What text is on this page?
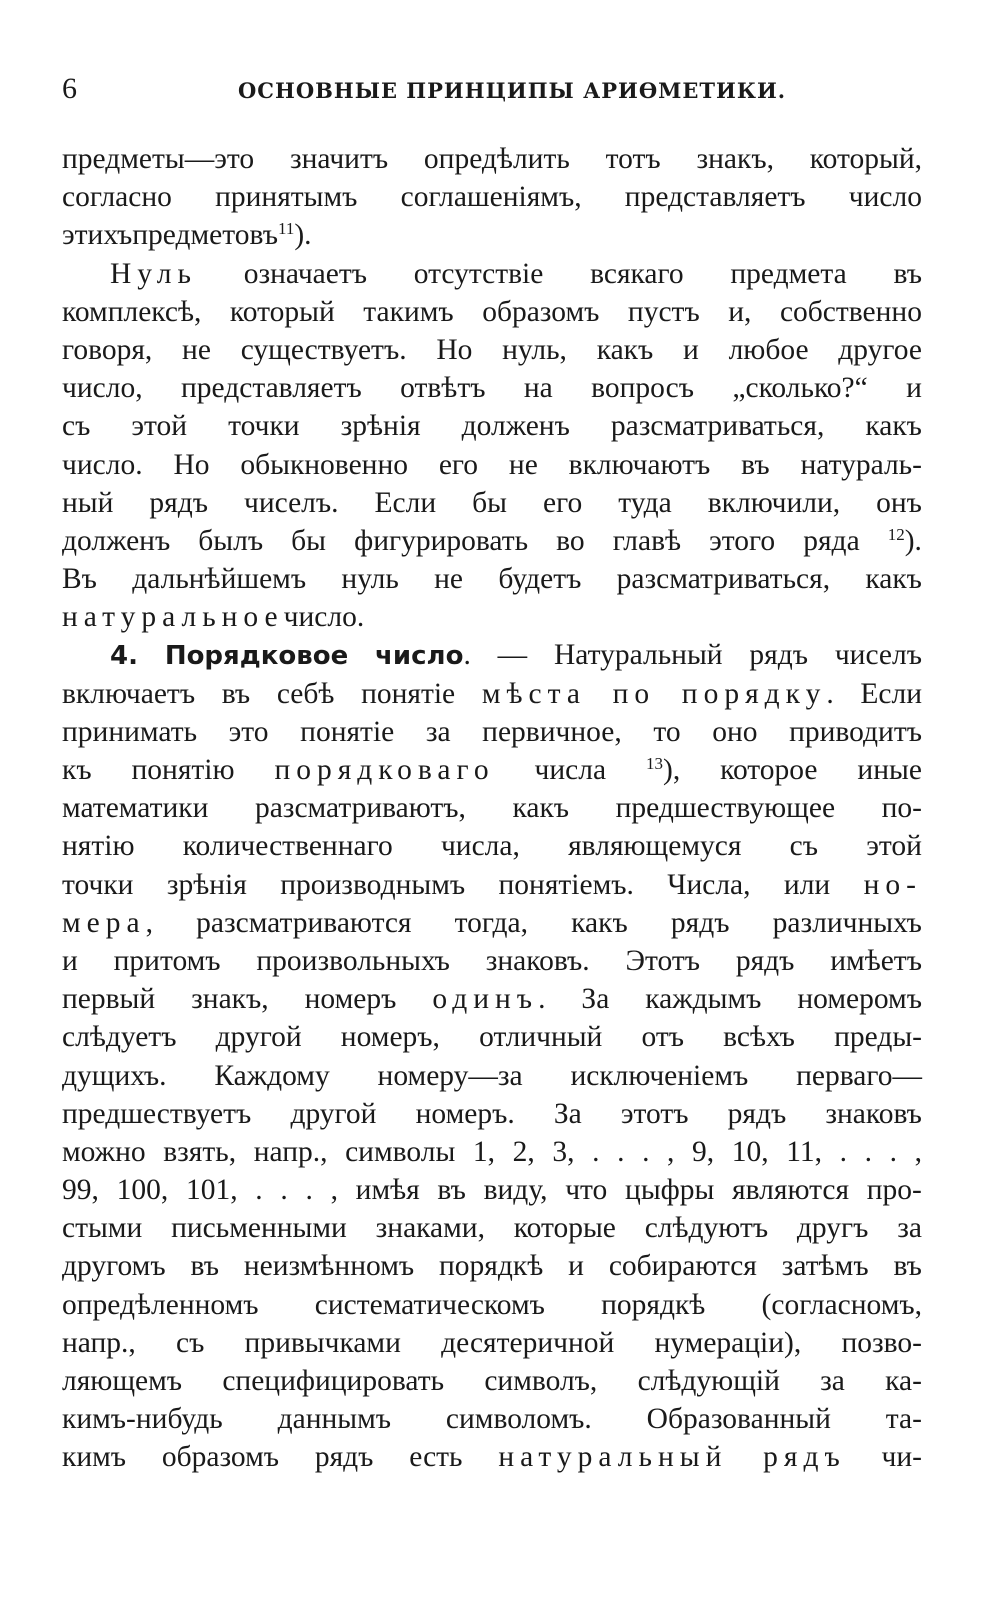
6	ОСНОВНЫЕ ПРИНЦИПЫ АРИѲМЕТИКИ.
предметы—это значитъ опредѣлить тотъ знакъ, который,
согласно принятымъ соглашеніямъ, представляетъ число
этихъ предметовъ $^{11}$).
Нуль означаетъ отсутствіе всякаго предмета въ
комплексѣ, который такимъ образомъ пустъ и, собственно
говоря, не существуетъ. Но нуль, какъ и любое другое
число, представляетъ отвѣтъ на вопросъ „сколько?“ и
съ этой точки зрѣнія долженъ разсматриваться, какъ
число. Но обыкновенно его не включаютъ въ натураль-
ный рядъ чиселъ. Если бы его туда включили, онъ
долженъ былъ бы фигурировать во главѣ этого ряда $^{12}$).
Въ дальнѣйшемъ нуль не будетъ разсматриваться, какъ
натуральное число.
4. Порядковое число. — Натуральный рядъ чиселъ
включаетъ въ себѣ понятіе мѣста по порядку. Если
принимать это понятіе за первичное, то оно приводитъ
къ понятію порядковаго числа $^{13}$), которое иные
математики разсматриваютъ, какъ предшествующее по-
нятію количественнаго числа, являющемуся съ этой
точки зрѣнія производнымъ понятіемъ. Числа, или но-
мера, разсматриваются тогда, какъ рядъ различныхъ
и притомъ произвольныхъ знаковъ. Этотъ рядъ имѣетъ
первый знакъ, номеръ одинъ. За каждымъ номеромъ
слѣдуетъ другой номеръ, отличный отъ всѣхъ преды-
дущихъ. Каждому номеру—за исключеніемъ перваго—
предшествуетъ другой номеръ. За этотъ рядъ знаковъ
можно взять, напр., символы 1, 2, 3, . . . , 9, 10, 11, . . . ,
99, 100, 101, . . . , имѣя въ виду, что цыфры являются про-
стыми письменными знаками, которые слѣдуютъ другъ за
другомъ въ неизмѣнномъ порядкѣ и собираются затѣмъ въ
опредѣленномъ систематическомъ порядкѣ (согласномъ,
напр., съ привычками десятеричной нумераціи), позво-
ляющемъ специфицировать символъ, слѣдующій за ка-
кимъ-нибудь даннымъ символомъ. Образованный та-
кимъ образомъ рядъ есть натуральный рядъ чи-
